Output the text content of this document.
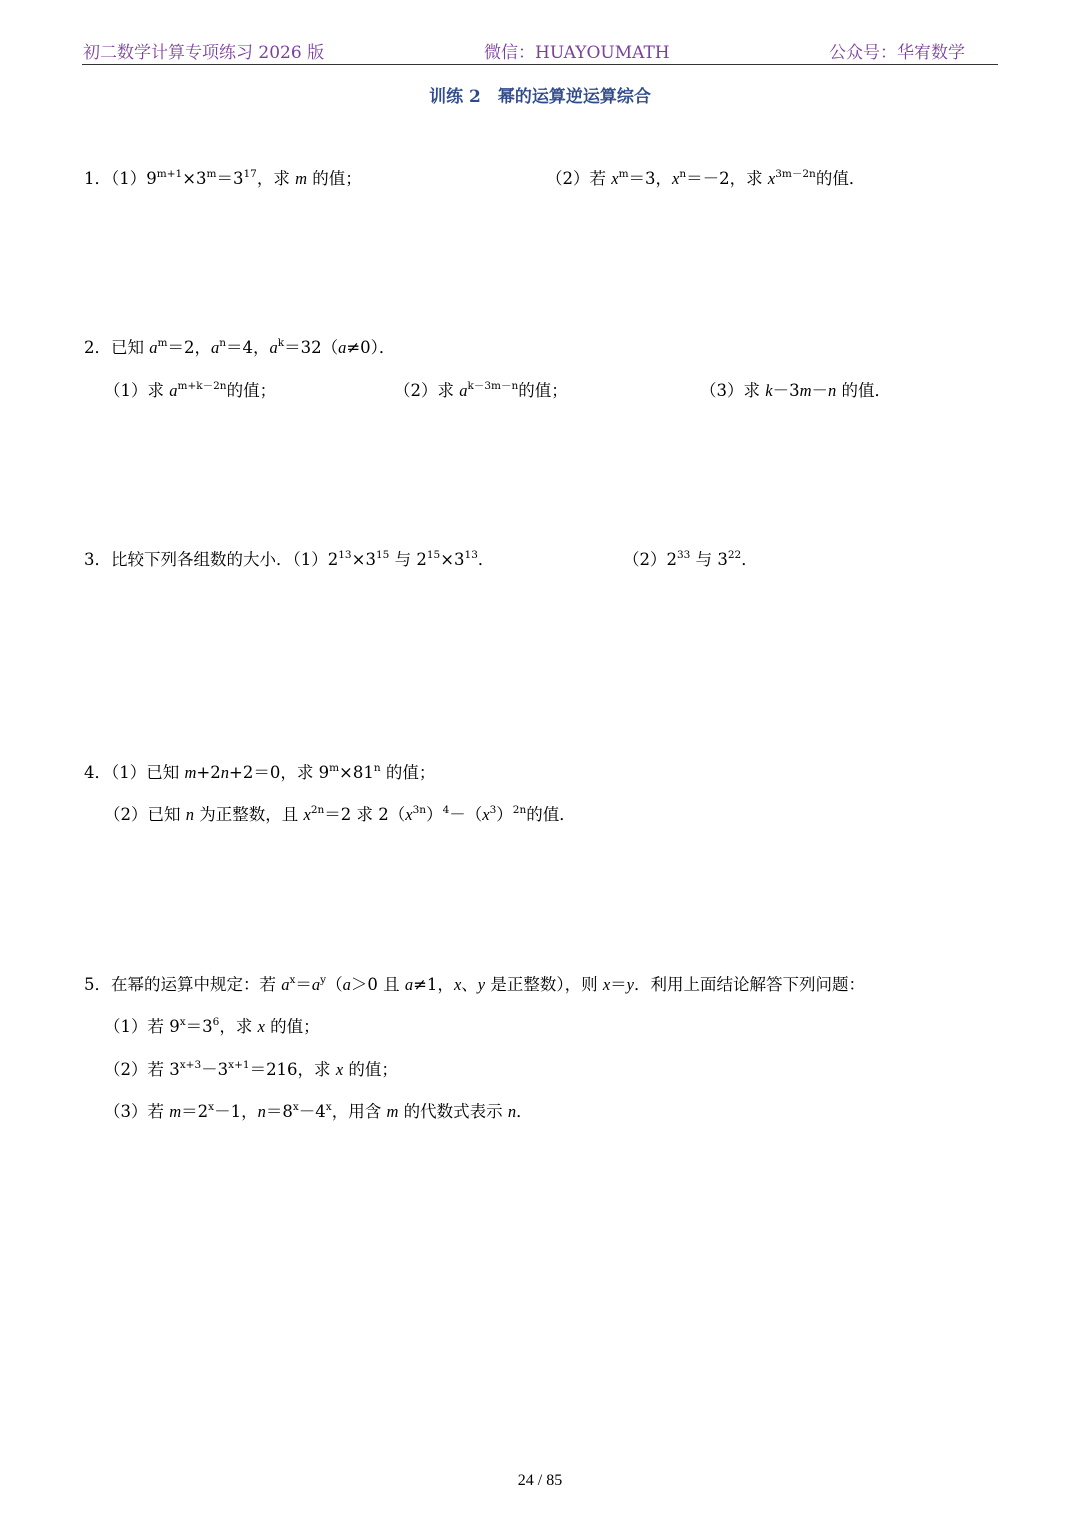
初二数学计算专项练习 2026 版	微信：HUAYOUMATH	公众号：华宥数学
训练 2　幂的运算逆运算综合
1．$(1)9^{m+1}\times 3^m=3^{17}$，求 m 的值；	（2）若 $x^m=3$，$x^n=-2$，求 $x^{3m-2n}$的值．
2．已知 $a^m=2$，$a^n=4$，$a^k=32(a\ne 0)$．
（1）求 $a^{m+k-2n}$的值；	（2）求 $a^{k-3m-n}$的值；	（3）求 k－3m－n 的值．
3．比较下列各组数的大小．$(1)2^{13}\times 3^{15}$ 与 $2^{15}\times 3^{13}$．	$(2)2^{33}$ 与 $3^{22}$．
4．（1）已知 m+2n+2＝0，求 $9^m\times 81^n$ 的值；
（2）已知 n 为正整数，且 $x^{2n}=2$ 求 $2(x^{3n})^4-(x^3)^{2n}$的值．
5．在幂的运算中规定：若 $a^x=a^y(a>0$ 且 a≠1，x、y 是正整数），则 x＝y．利用上面结论解答下列问题：
（1）若 $9^x=3^6$，求 x 的值；
（2）若 $3^{x+3}-3^{x+1}=216$，求 x 的值；
（3）若 $m=2^x-1$，$n=8^x-4^x$，用含 m 的代数式表示 n．
24 / 85
